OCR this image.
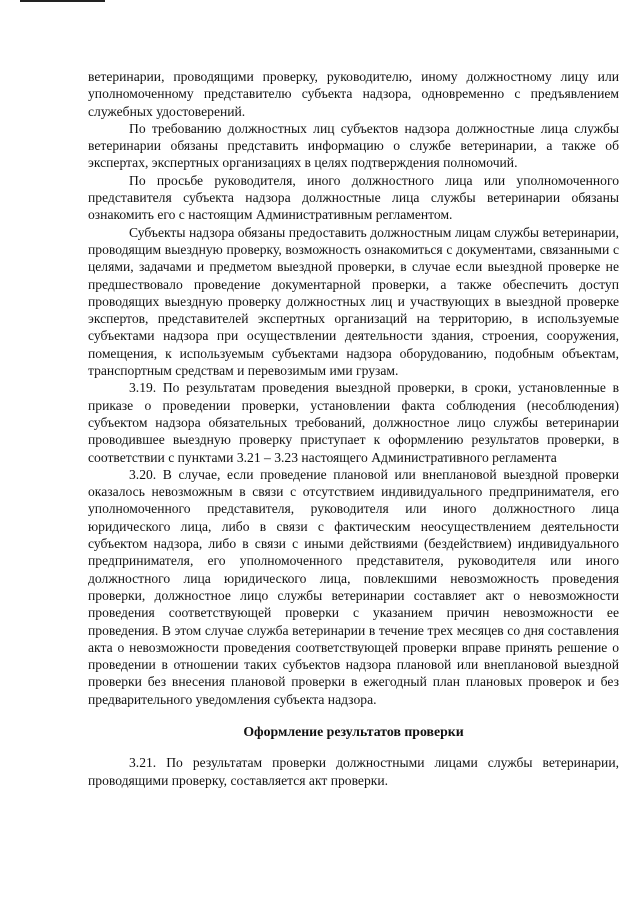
ветеринарии, проводящими проверку, руководителю, иному должностному лицу или уполномоченному представителю субъекта надзора, одновременно с предъявлением служебных удостоверений.

По требованию должностных лиц субъектов надзора должностные лица службы ветеринарии обязаны представить информацию о службе ветеринарии, а также об экспертах, экспертных организациях в целях подтверждения полномочий.

По просьбе руководителя, иного должностного лица или уполномоченного представителя субъекта надзора должностные лица службы ветеринарии обязаны ознакомить его с настоящим Административным регламентом.

Субъекты надзора обязаны предоставить должностным лицам службы ветеринарии, проводящим выездную проверку, возможность ознакомиться с документами, связанными с целями, задачами и предметом выездной проверки, в случае если выездной проверке не предшествовало проведение документарной проверки, а также обеспечить доступ проводящих выездную проверку должностных лиц и участвующих в выездной проверке экспертов, представителей экспертных организаций на территорию, в используемые субъектами надзора при осуществлении деятельности здания, строения, сооружения, помещения, к используемым субъектами надзора оборудованию, подобным объектам, транспортным средствам и перевозимым ими грузам.

3.19. По результатам проведения выездной проверки, в сроки, установленные в приказе о проведении проверки, установлении факта соблюдения (несоблюдения) субъектом надзора обязательных требований, должностное лицо службы ветеринарии проводившее выездную проверку приступает к оформлению результатов проверки, в соответствии с пунктами 3.21 – 3.23 настоящего Административного регламента

3.20. В случае, если проведение плановой или внеплановой выездной проверки оказалось невозможным в связи с отсутствием индивидуального предпринимателя, его уполномоченного представителя, руководителя или иного должностного лица юридического лица, либо в связи с фактическим неосуществлением деятельности субъектом надзора, либо в связи с иными действиями (бездействием) индивидуального предпринимателя, его уполномоченного представителя, руководителя или иного должностного лица юридического лица, повлекшими невозможность проведения проверки, должностное лицо службы ветеринарии составляет акт о невозможности проведения соответствующей проверки с указанием причин невозможности ее проведения. В этом случае служба ветеринарии в течение трех месяцев со дня составления акта о невозможности проведения соответствующей проверки вправе принять решение о проведении в отношении таких субъектов надзора плановой или внеплановой выездной проверки без внесения плановой проверки в ежегодный план плановых проверок и без предварительного уведомления субъекта надзора.

Оформление результатов проверки

3.21. По результатам проверки должностными лицами службы ветеринарии, проводящими проверку, составляется акт проверки.
